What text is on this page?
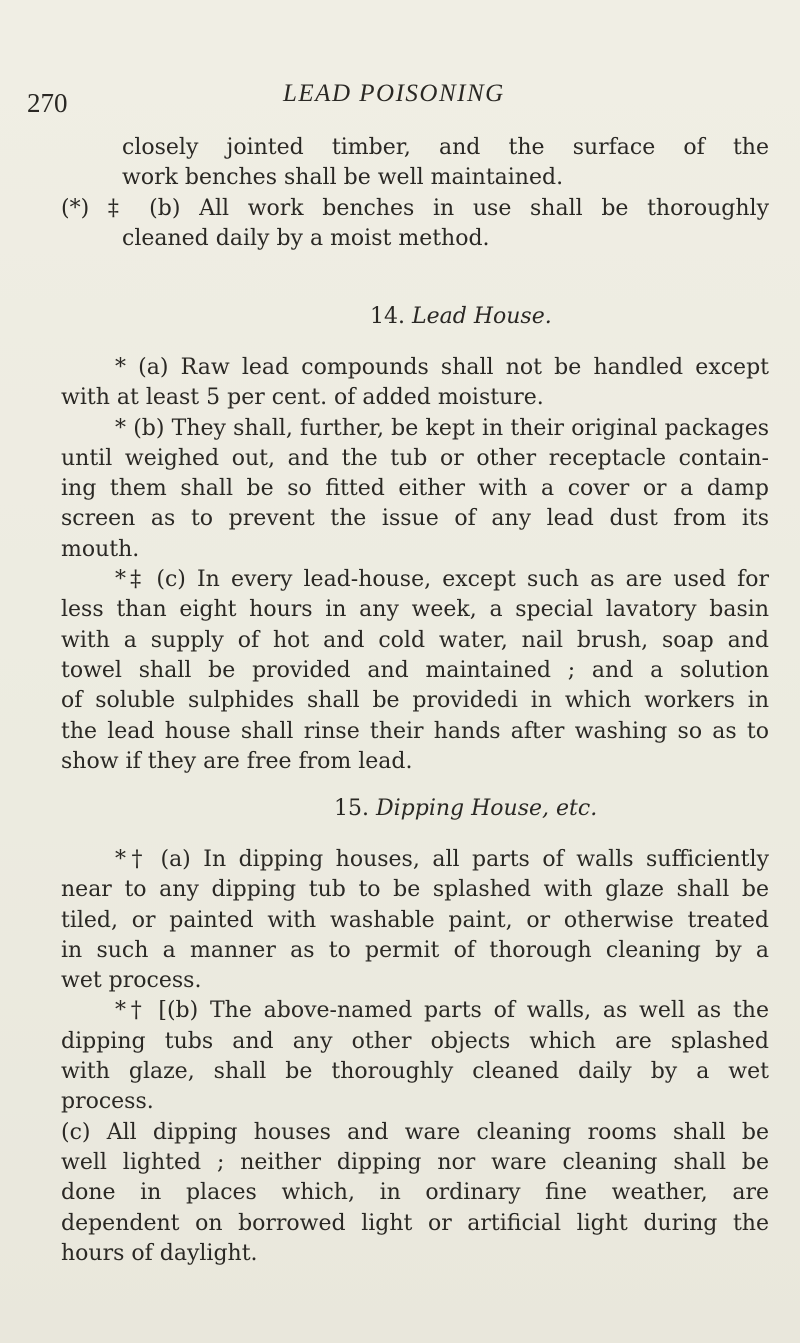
270	LEAD POISONING
closely jointed timber, and the surface of the
work benches shall be well maintained.
(*) ‡ (b) All work benches in use shall be thoroughly
cleaned daily by a moist method.
14. Lead House.
* (a) Raw lead compounds shall not be handled except
with at least 5 per cent. of added moisture.
* (b) They shall, further, be kept in their original packages
until weighed out, and the tub or other receptacle contain-
ing them shall be so fitted either with a cover or a damp
screen as to prevent the issue of any lead dust from its
mouth.
*‡ (c) In every lead-house, except such as are used for
less than eight hours in any week, a special lavatory basin
with a supply of hot and cold water, nail brush, soap and
towel shall be provided and maintained ; and a solution
of soluble sulphides shall be providedi in which workers in
the lead house shall rinse their hands after washing so as to
show if they are free from lead.
15. Dipping House, etc.
*† (a) In dipping houses, all parts of walls sufficiently
near to any dipping tub to be splashed with glaze shall be
tiled, or painted with washable paint, or otherwise treated
in such a manner as to permit of thorough cleaning by a
wet process.
*† [(b) The above-named parts of walls, as well as the
dipping tubs and any other objects which are splashed
with glaze, shall be thoroughly cleaned daily by a wet
process.
(c) All dipping houses and ware cleaning rooms shall be
well lighted ; neither dipping nor ware cleaning shall be
done in places which, in ordinary fine weather, are
dependent on borrowed light or artificial light during the
hours of daylight.
